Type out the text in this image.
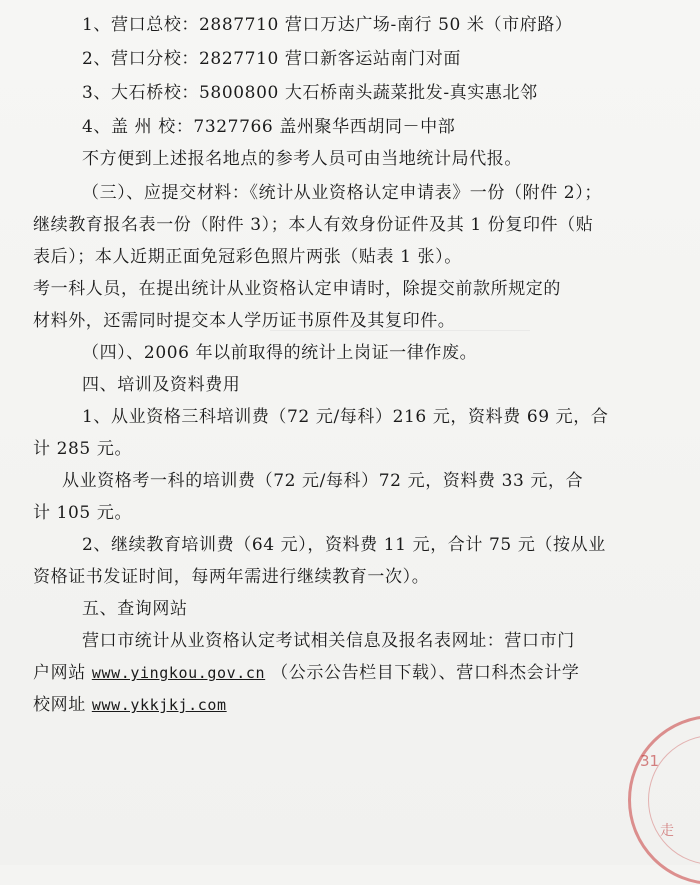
1、营口总校：2887710 营口万达广场-南行 50 米（市府路）
2、营口分校：2827710 营口新客运站南门对面
3、大石桥校：5800800 大石桥南头蔬菜批发-真实惠北邻
4、盖 州 校：7327766 盖州聚华西胡同－中部
不方便到上述报名地点的参考人员可由当地统计局代报。
（三）、应提交材料：《统计从业资格认定申请表》一份（附件 2）；
继续教育报名表一份（附件 3）；本人有效身份证件及其 1 份复印件（贴
表后）；本人近期正面免冠彩色照片两张（贴表 1 张）。
考一科人员，在提出统计从业资格认定申请时，除提交前款所规定的
材料外，还需同时提交本人学历证书原件及其复印件。
（四）、2006 年以前取得的统计上岗证一律作废。
四、培训及资料费用
1、从业资格三科培训费（72 元/每科）216 元，资料费 69 元，合
计 285 元。
从业资格考一科的培训费（72 元/每科）72 元，资料费 33 元，合
计 105 元。
2、继续教育培训费（64 元），资料费 11 元，合计 75 元（按从业
资格证书发证时间，每两年需进行继续教育一次）。
五、查询网站
营口市统计从业资格认定考试相关信息及报名表网址：营口市门
户网站 www.yingkou.gov.cn （公示公告栏目下载）、营口科杰会计学
校网址 www.ykkjkj.com
31
走
